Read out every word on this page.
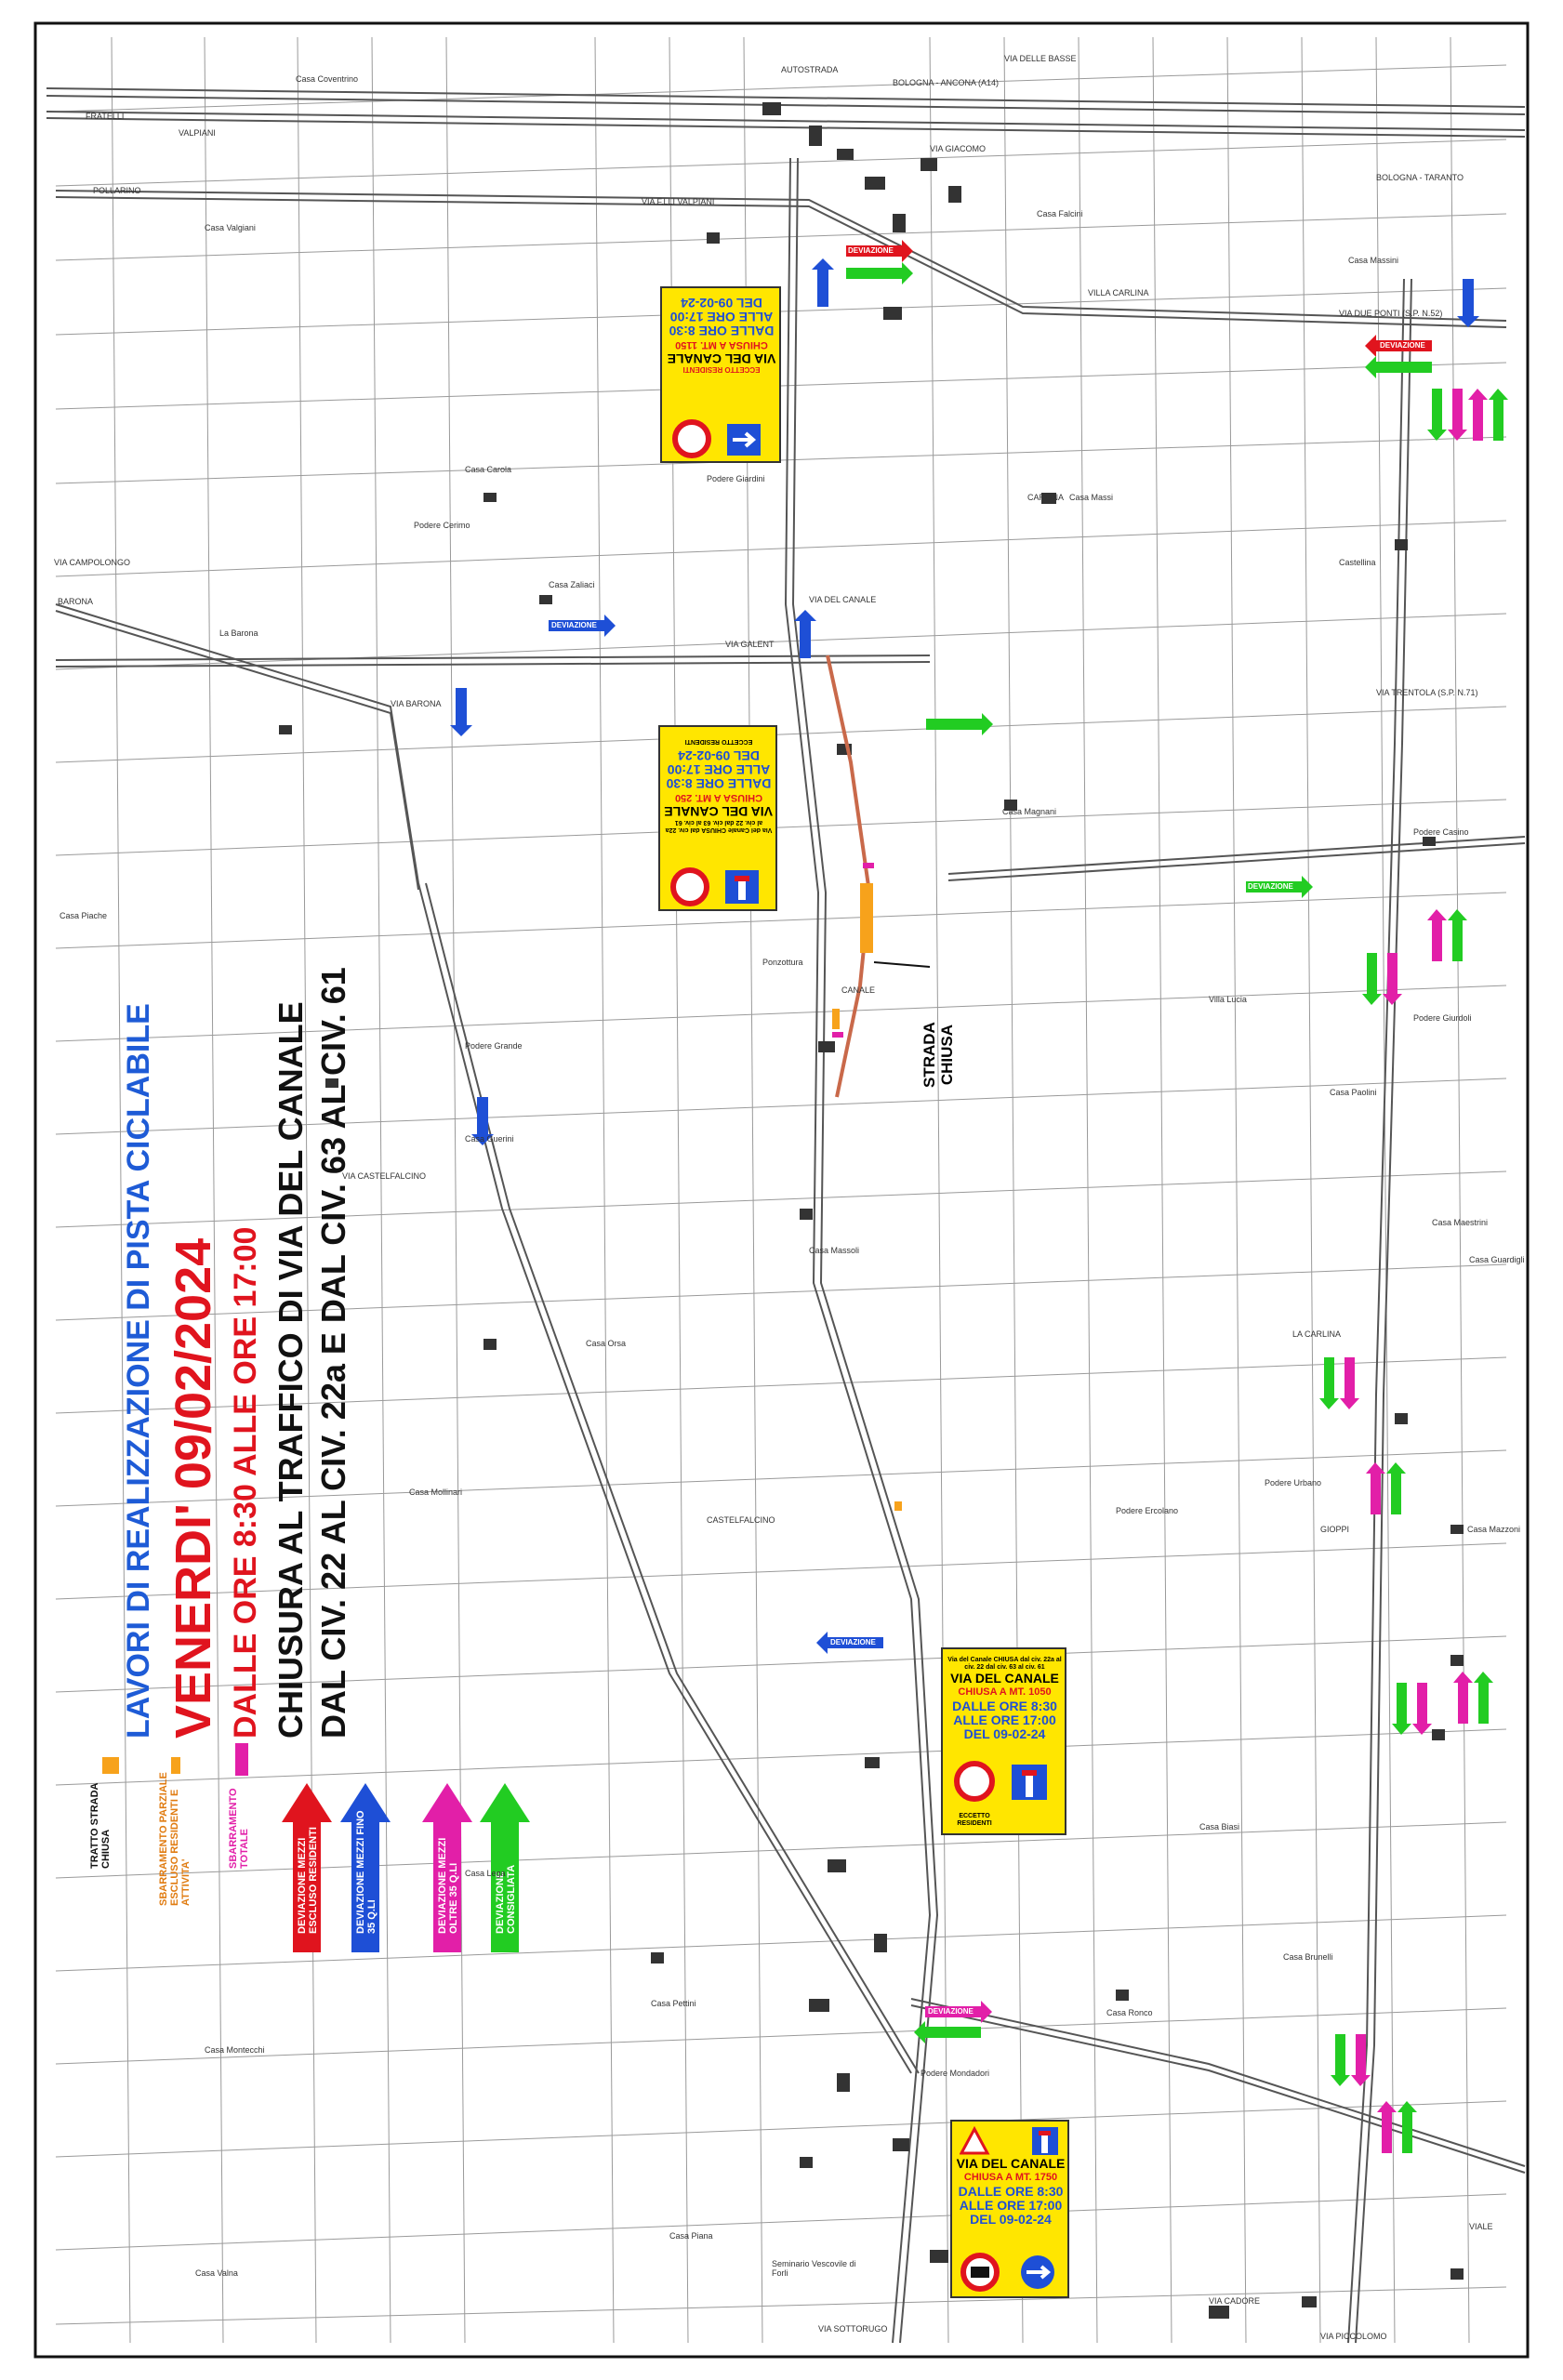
LAVORI DI REALIZZAZIONE DI PISTA CICLABILE VENERDI' 09/02/2024 DALLE ORE 8:30 ALLE ORE 17:00 CHIUSURA AL TRAFFICO DI VIA DEL CANALE DAL CIV. 22 AL CIV. 22a E DAL CIV. 63 AL CIV. 61	STRADA CHIUSA
TRATTO STRADA CHIUSA	SBARRAMENTO PARZIALE ESCLUSO RESIDENTI E ATTIVITA'
SBARRAMENTO TOTALE	DEVIAZIONE MEZZI ESCLUSO RESIDENTI	DEVIAZIONE MEZZI FINO 35 Q.LI	DEVIAZIONE MEZZI OLTRE 35 Q.LI	DEVIAZIONE CONSIGLIATA
ECCETTO RESIDENTI
VIA DEL CANALE
CHIUSA A MT. 1150
DALLE ORE 8:30
ALLE ORE 17:00
DEL 09-02-24
Via del Canale CHIUSA dal civ. 22a al civ. 22 dal civ. 63 al civ. 61
VIA DEL CANALE
CHIUSA A MT. 250
DALLE ORE 8:30
ALLE ORE 17:00
DEL 09-02-24
ECCETTO RESIDENTI
Via del Canale CHIUSA dal civ. 22a al civ. 22 dal civ. 63 al civ. 61
VIA DEL CANALE
CHIUSA A MT. 1050
DALLE ORE 8:30
ALLE ORE 17:00
DEL 09-02-24
ECCETTO RESIDENTI
VIA DEL CANALE
CHIUSA A MT. 1750
DALLE ORE 8:30
ALLE ORE 17:00
DEL 09-02-24
DEVIAZIONE
DEVIAZIONE
DEVIAZIONE
DEVIAZIONE
DEVIAZIONE
DEVIAZIONE
AUTOSTRADA
BOLOGNA - ANCONA (A14)
VIA DELLE BASSE
BOLOGNA - TARANTO
VIA DUE PONTI (S.P. N.52)
VIA F.LLI VALPIANI
VALPIANI
FRATELLI
Casa Coventrino
Casa Valgiani
POLLARINO
VIA CAMPOLONGO
BARONA
VIA BARONA
La Barona
Casa Zaliaci
VIA GALENT
VIA DEL CANALE
CANALE
Casa Carola
Podere Cerimo
Podere Giardini
VIA TRENTOLA (S.P. N.71)
CARLINA
LA CARLINA
Podere Casino
Casa Magnani
Casa Massi
Castellina
Villa Lucia
Podere Giurdoli
Casa Piache
Ponzottura
Podere Grande
VIA CASTELFALCINO
Casa Guerini
Casa Massoli
Casa Orsa
CASTELFALCINO
Casa Mollinari
Podere Urbano
Podere Ercolano
GIOPPI	Casa Mazzoni
Casa Guardigli
Casa Maestrini
Casa Paolini
Casa Lega
Casa Biasi
Casa Brunelli
Casa Pettini
Casa Montecchi
VIA CADORE
Casa Ronco
Podere Mondadori
Seminario Vescovile di Forli
VIA PICCOLOMO
VIA SOTTORUGO
Casa Piana
Casa Valna
VIALE
Casa Massini
Casa Falcini
VIA GIACOMO
VILLA CARLINA
